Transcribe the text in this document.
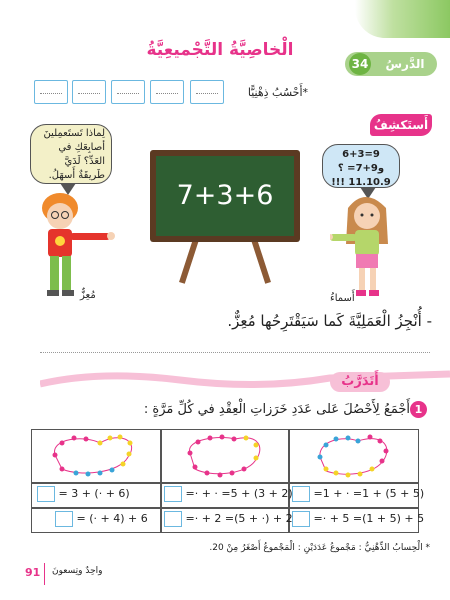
34	الدَّرسُ
الْخاصِيَّةُ التَّجْميعِيَّةُ
أَحْسُبُ ذِهْنِيًّا*
أَستَكشِفُ
لِماذا تَستَعمِلينَ أصابِعَكِ في العَدِّ؟ لَدَيَّ طَريقَةٌ أَسهَلُ.
6+3=9 و9+7= ؟
!!! 11.10.9
7+3+6
مُعِزٌّ	أَسماءُ
- أُنْجِزُ الْعَمَلِيَّةَ كَما سَيَقْتَرِحُها مُعِزٌّ.
أَتَدَرَّبُ
1
أَجْمَعُ لِأَحْصُلَ عَلى عَدَدِ خَرَزاتِ الْعِقْدِ في كُلِّ مَرَّةٍ :
= 3 + (· + 6)	=· + · =5 + (3 + 2)	=1 + · =1 + (5 + 5)
= (· + 4) + 6	=· + 2 =(5 + ·) + 2	=· + 5 =(1 + 5) + 5
* الْحِسابُ الذِّهْنِيُّ : مَجْموعُ عَدَدَيْنِ : الْمَجْموعُ أَصْغَرُ مِنْ 20.
91 واحِدٌ وتِسعونَ
